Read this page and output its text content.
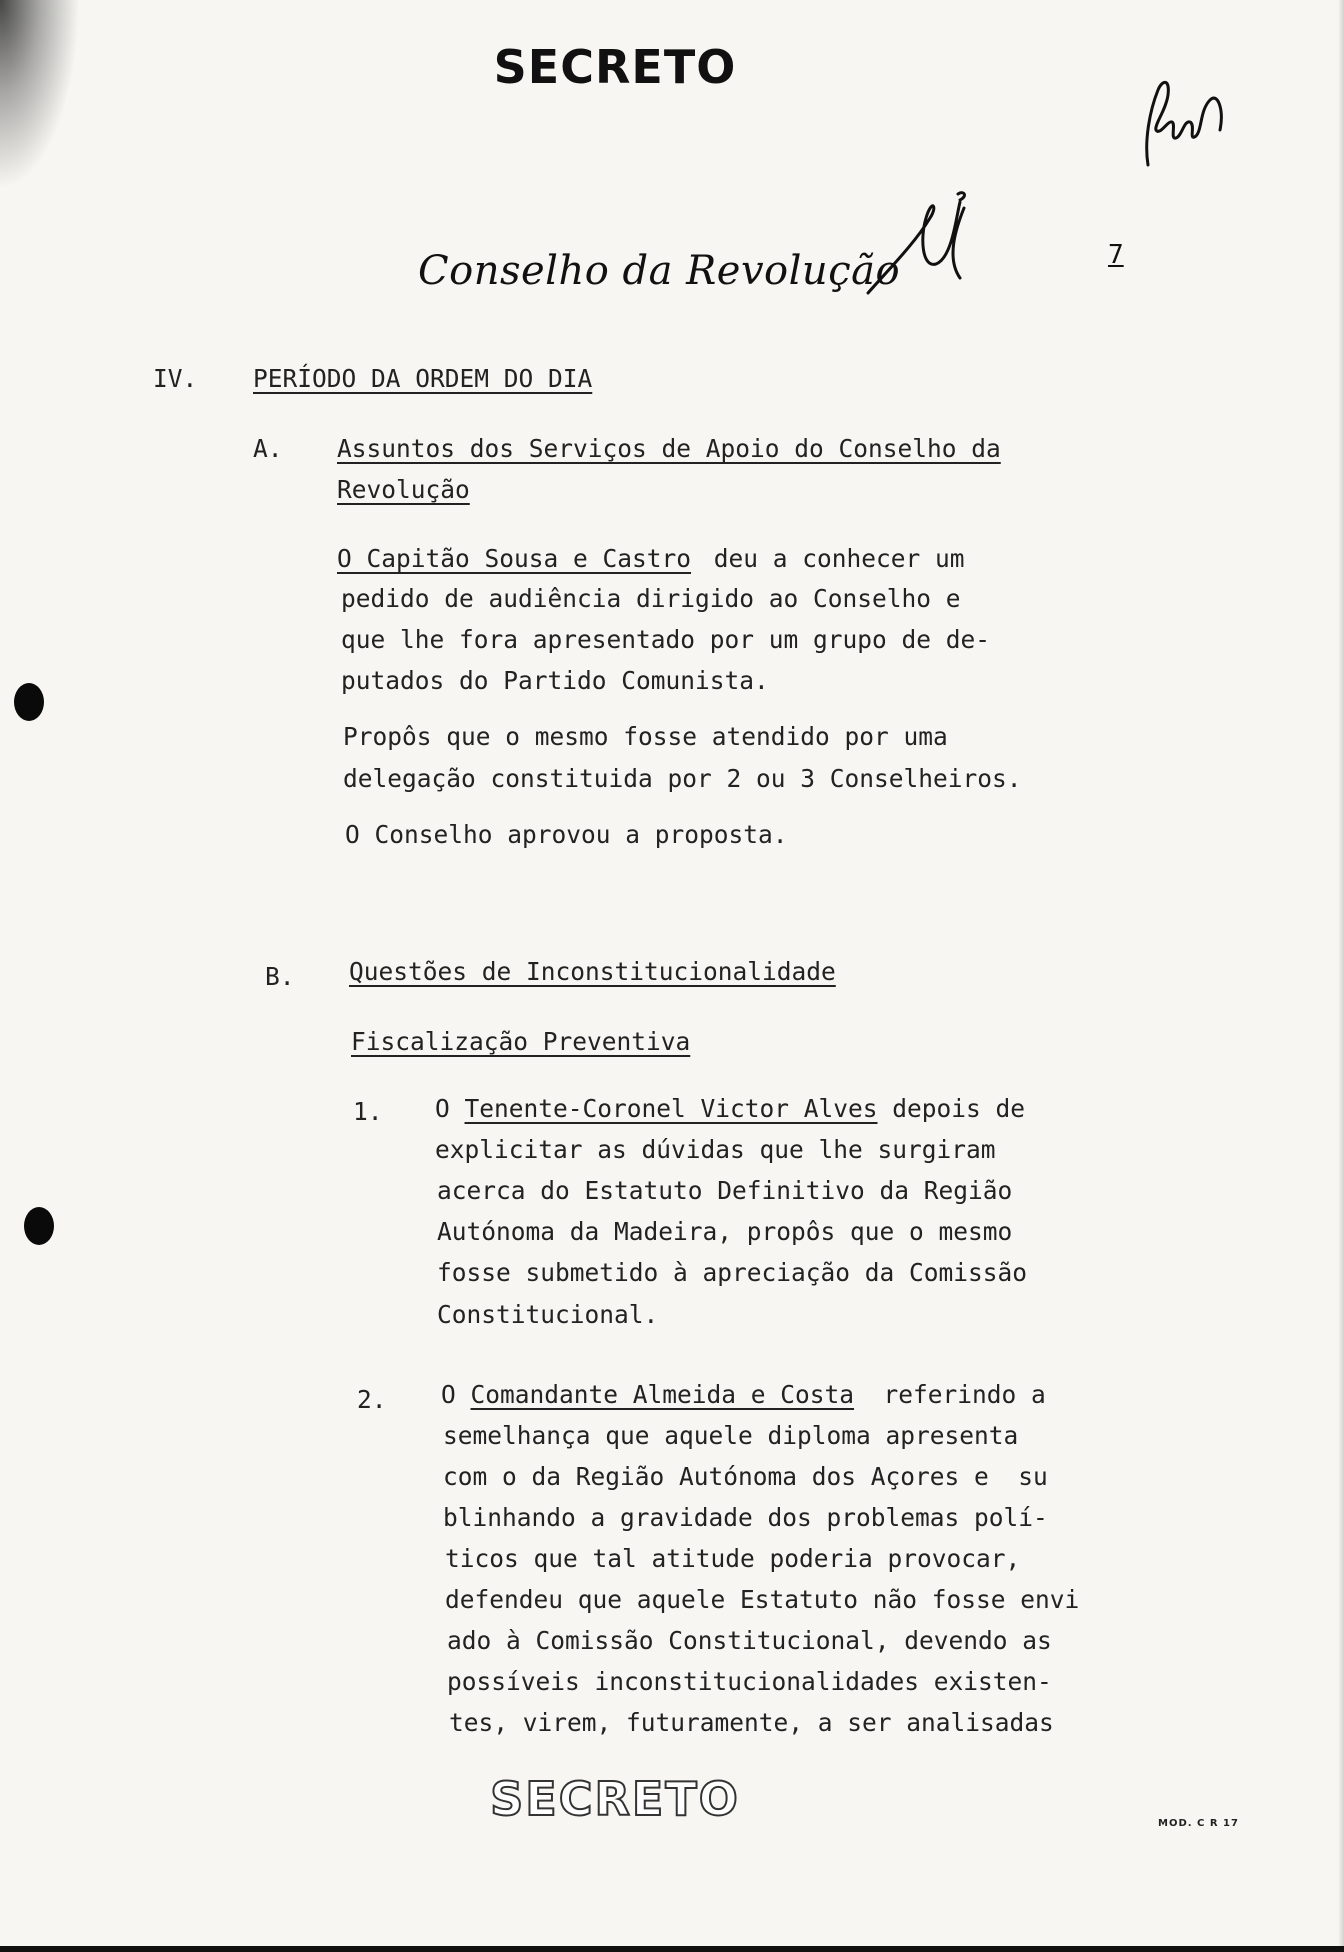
SECRETO
Conselho da Revolução	7
IV. PERÍODO DA ORDEM DO DIA
A. Assuntos dos Serviços de Apoio do Conselho da
Revolução
O Capitão Sousa e Castro deu a conhecer um
pedido de audiência dirigido ao Conselho e
que lhe fora apresentado por um grupo de de-
putados do Partido Comunista.
Propôs que o mesmo fosse atendido por uma
delegação constituida por 2 ou 3 Conselheiros.
O Conselho aprovou a proposta.
B. Questões de Inconstitucionalidade
Fiscalização Preventiva
1. O Tenente-Coronel Victor Alves depois de
explicitar as dúvidas que lhe surgiram
acerca do Estatuto Definitivo da Região
Autónoma da Madeira, propôs que o mesmo
fosse submetido à apreciação da Comissão
Constitucional.
2. O Comandante Almeida e Costa  referindo a
semelhança que aquele diploma apresenta
com o da Região Autónoma dos Açores e  su
blinhando a gravidade dos problemas polí-
ticos que tal atitude poderia provocar,
defendeu que aquele Estatuto não fosse envi
ado à Comissão Constitucional, devendo as
possíveis inconstitucionalidades existen-
tes, virem, futuramente, a ser analisadas
SECRETO	MOD. C R 17
